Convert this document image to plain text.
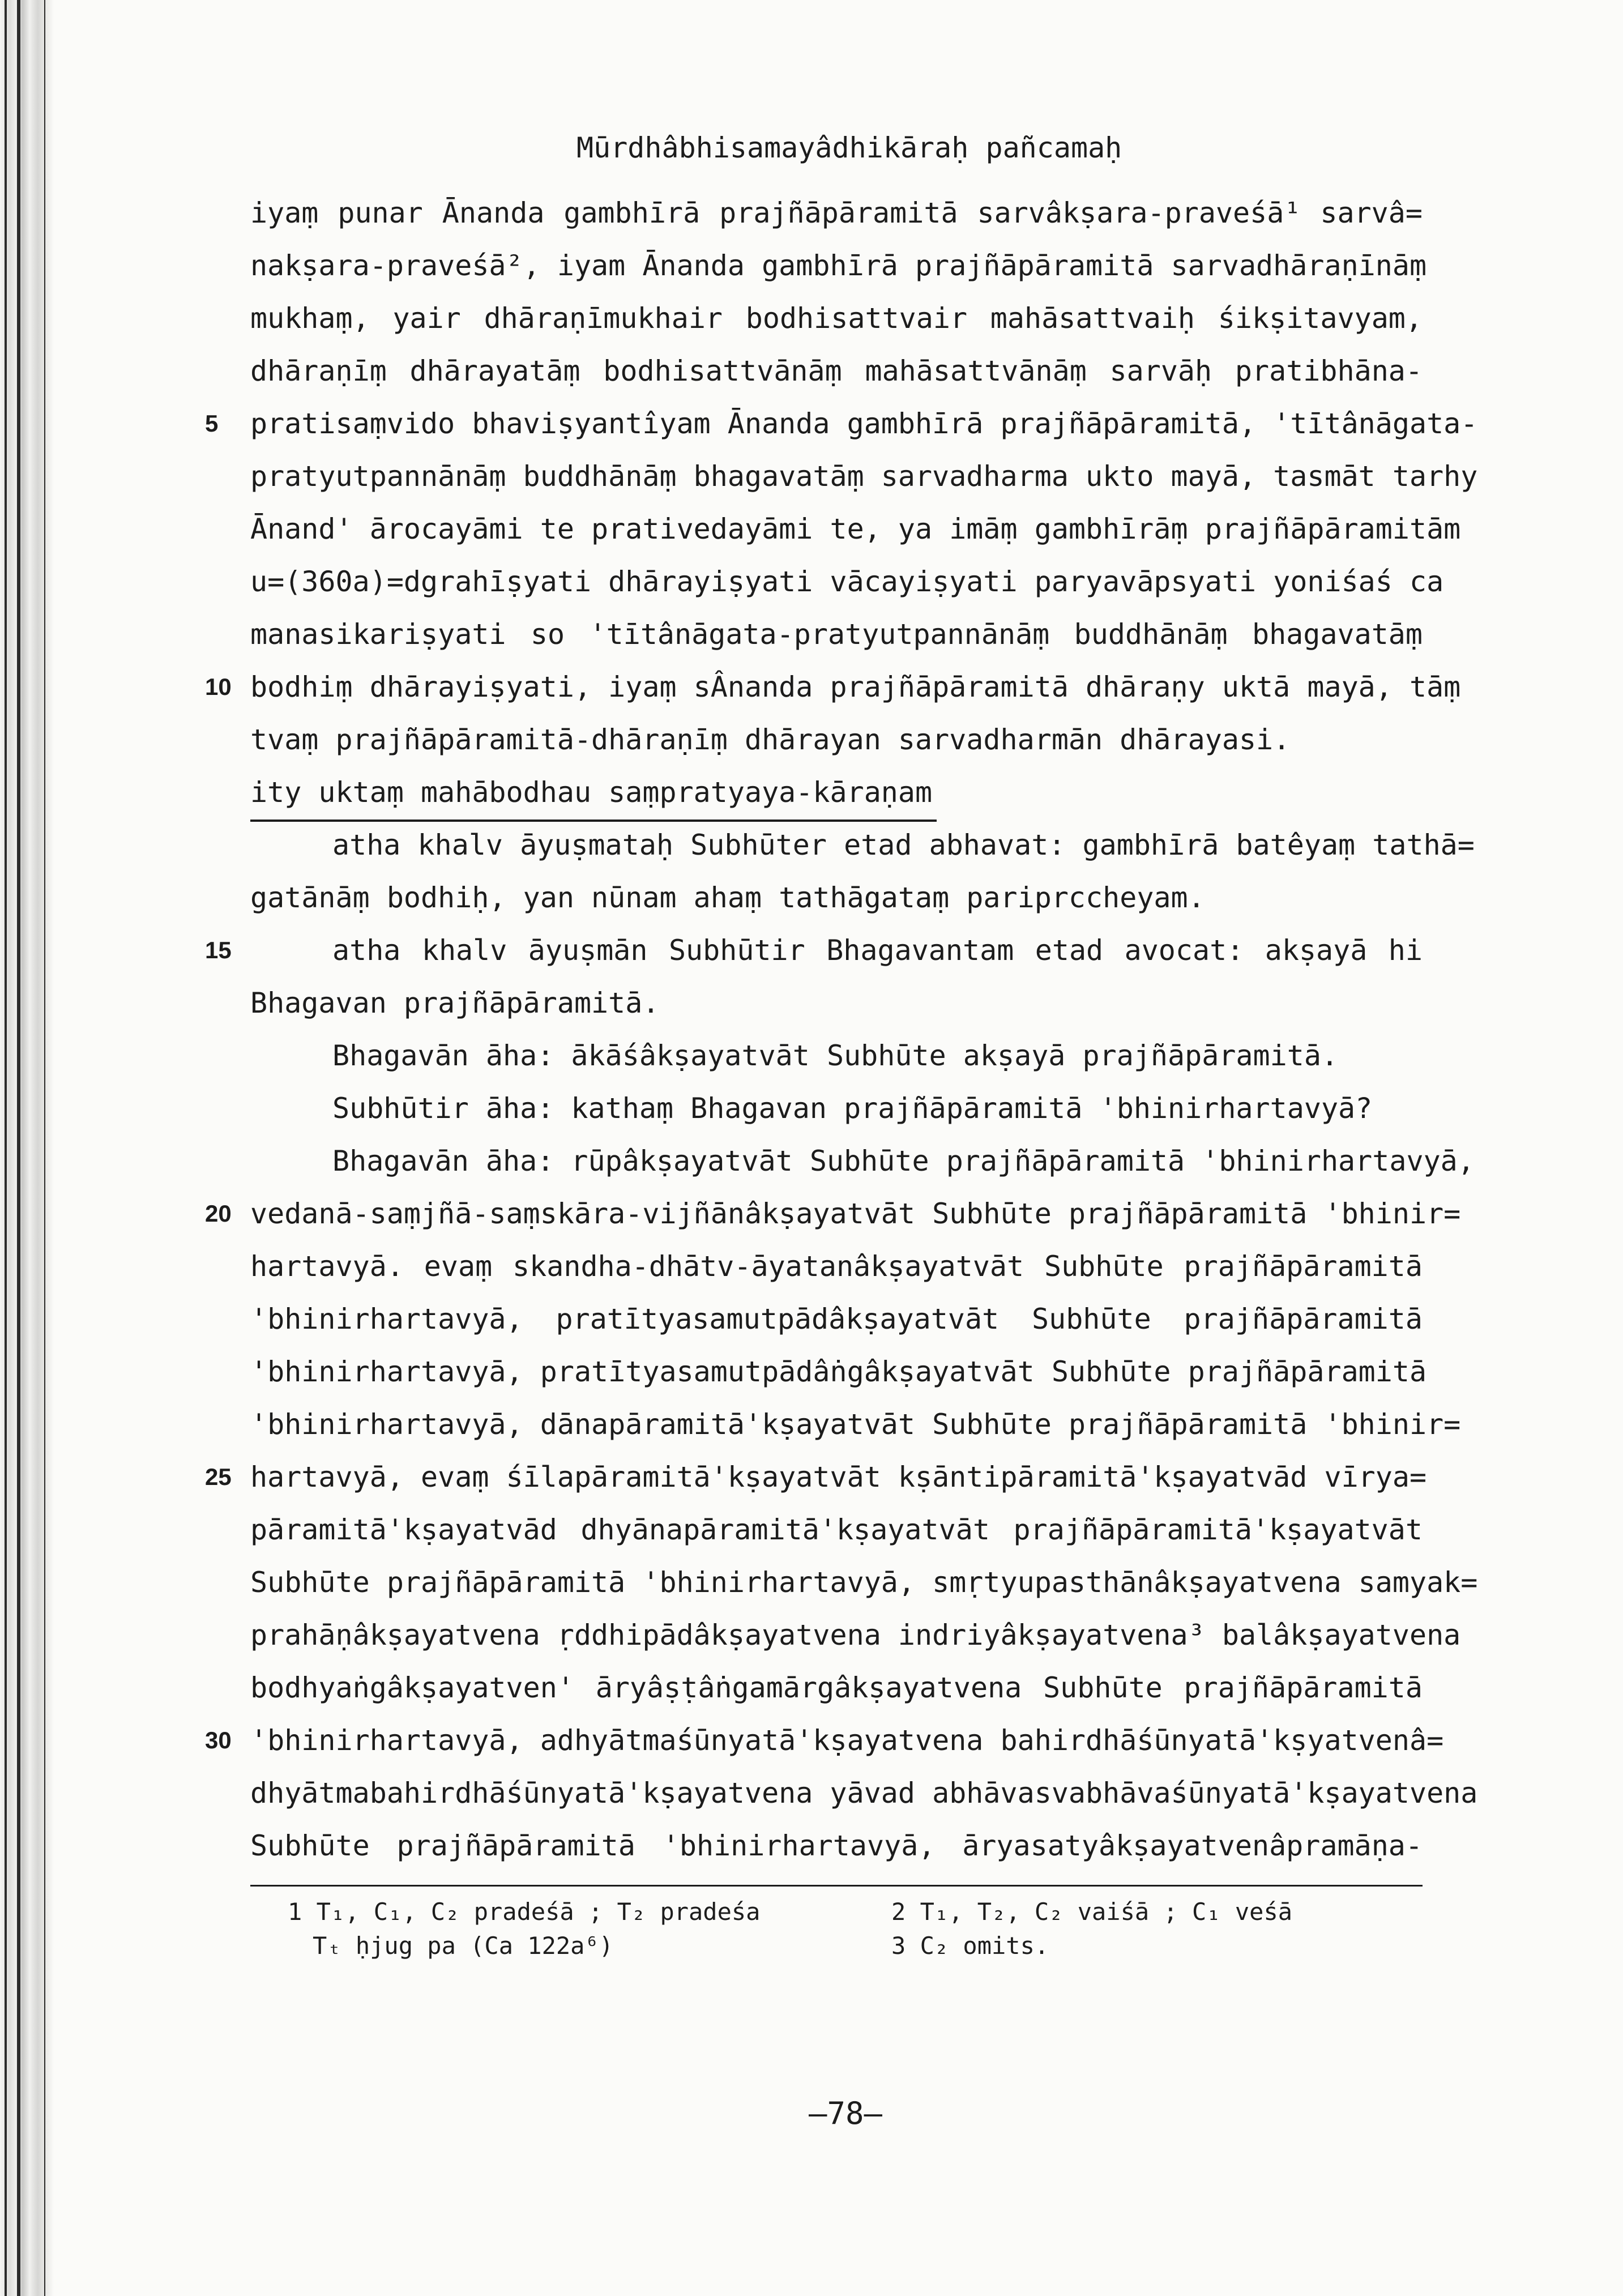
Mūrdhâbhisamayâdhikāraḥ pañcamaḥ
iyaṃ punar Ānanda gambhīrā prajñāpāramitā sarvâkṣara-praveśā¹ sarvâ=
nakṣara-praveśā², iyam Ānanda gambhīrā prajñāpāramitā sarvadhāraṇīnāṃ
mukhaṃ, yair dhāraṇīmukhair bodhisattvair mahāsattvaiḥ śikṣitavyam,
dhāraṇīṃ dhārayatāṃ bodhisattvānāṃ mahāsattvānāṃ sarvāḥ pratibhāna-
pratisaṃvido bhaviṣyantîyam Ānanda gambhīrā prajñāpāramitā, 'tītânāgata-
5
pratyutpannānāṃ buddhānāṃ bhagavatāṃ sarvadharma ukto mayā, tasmāt tarhy
Ānand' ārocayāmi te prativedayāmi te, ya imāṃ gambhīrāṃ prajñāpāramitām
u=(360a)=dgrahīṣyati dhārayiṣyati vācayiṣyati paryavāpsyati yoniśaś ca
manasikariṣyati so 'tītânāgata-pratyutpannānāṃ buddhānāṃ bhagavatāṃ
bodhiṃ dhārayiṣyati, iyaṃ sÂnanda prajñāpāramitā dhāraṇy uktā mayā, tāṃ
10
tvaṃ prajñāpāramitā-dhāraṇīṃ dhārayan sarvadharmān dhārayasi.
ity uktaṃ mahābodhau saṃpratyaya-kāraṇam
atha khalv āyuṣmataḥ Subhūter etad abhavat: gambhīrā batêyaṃ tathā=
gatānāṃ bodhiḥ, yan nūnam ahaṃ tathāgataṃ pariprccheyam.
atha khalv āyuṣmān Subhūtir Bhagavantam etad avocat: akṣayā hi
15
Bhagavan prajñāpāramitā.
Bhagavān āha: ākāśâkṣayatvāt Subhūte akṣayā prajñāpāramitā.
Subhūtir āha: kathaṃ Bhagavan prajñāpāramitā 'bhinirhartavyā?
Bhagavān āha: rūpâkṣayatvāt Subhūte prajñāpāramitā 'bhinirhartavyā,
vedanā-saṃjñā-saṃskāra-vijñānâkṣayatvāt Subhūte prajñāpāramitā 'bhinir=
20
hartavyā. evaṃ skandha-dhātv-āyatanâkṣayatvāt Subhūte prajñāpāramitā
'bhinirhartavyā, pratītyasamutpādâkṣayatvāt Subhūte prajñāpāramitā
'bhinirhartavyā, pratītyasamutpādâṅgâkṣayatvāt Subhūte prajñāpāramitā
'bhinirhartavyā, dānapāramitā'kṣayatvāt Subhūte prajñāpāramitā 'bhinir=
hartavyā, evaṃ śīlapāramitā'kṣayatvāt kṣāntipāramitā'kṣayatvād vīrya=
25
pāramitā'kṣayatvād dhyānapāramitā'kṣayatvāt prajñāpāramitā'kṣayatvāt
Subhūte prajñāpāramitā 'bhinirhartavyā, smṛtyupasthānâkṣayatvena samyak=
prahāṇâkṣayatvena ṛddhipādâkṣayatvena indriyâkṣayatvena³ balâkṣayatvena
bodhyaṅgâkṣayatven' āryâṣṭâṅgamārgâkṣayatvena Subhūte prajñāpāramitā
'bhinirhartavyā, adhyātmaśūnyatā'kṣayatvena bahirdhāśūnyatā'kṣyatvenâ=
30
dhyātmabahirdhāśūnyatā'kṣayatvena yāvad abhāvasvabhāvaśūnyatā'kṣayatvena
Subhūte prajñāpāramitā 'bhinirhartavyā, āryasatyâkṣayatvenâpramāṇa-
1 T₁, C₁, C₂ pradeśā ; T₂ pradeśa
Tₜ ḥjug pa (Ca 122a⁶)
2 T₁, T₂, C₂ vaiśā ; C₁ veśā
3 C₂ omits.
—78—
